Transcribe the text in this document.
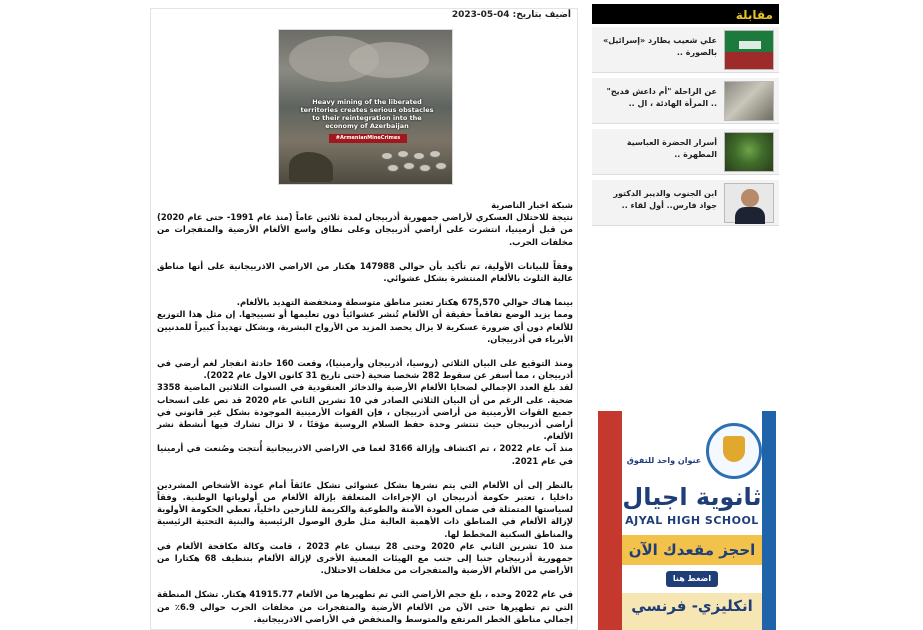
أضيف بتاريخ: 04-05-2023
Heavy mining of the liberated territories creates serious obstacles to their reintegration into the economy of Azerbaijan
#ArmenianMineCrimes

شبكة اخبار الناصرية
نتيجة للاحتلال العسكري لأراضي جمهورية أذربيجان لمدة ثلاثين عاماً (منذ عام 1991- حتى عام 2020) من قبل أرمينيا، انتشرت على أراضي أذربيجان وعلى نطاق واسع الألغام الأرضية والمتفجرات من مخلفات الحرب.

وفقاً للبيانات الأولية، تم تأكيد بأن حوالي 147988 هكتار من الاراضي الاذربيجانية على أنها مناطق عالية التلوث بالألغام المنتشرة بشكل عشوائي.

بينما هناك حوالي 675,570 هكتار تعتبر مناطق متوسطة ومنخفضة التهديد بالألغام.

ومما يزيد الوضع تفاقماً حقيقة أن الألغام تُنشر عشوائياً دون تعليمها أو تسييجها. إن مثل هذا التوزيع للألغام دون أي ضرورة عسكرية لا يزال يحصد المزيد من الأرواح البشرية، ويشكل تهديداً كبيراً للمدنيين الأبرياء في أذربيجان.

ومنذ التوقيع على البيان الثلاثي (روسيا، أذربيجان وأرمينيا)، وقعت 160 حادثة انفجار لغم أرضي في أذربيجان ، مما أسفر عن سقوط 282 شخصا ضحية (حتى تاريخ 31 كانون الاول عام 2022).

لقد بلغ العدد الإجمالي لضحايا الألغام الأرضية والذخائر العنقودية في السنوات الثلاثين الماضية 3358 ضحية. على الرغم من أن البيان الثلاثي الصادر في 10 تشرين الثاني عام 2020 قد نص على انسحاب جميع القوات الأرمينية من أراضي أذربيجان ، فإن القوات الأرمينية الموجودة بشكل غير قانوني في أراضي أذربيجان حيث تنتشر وحدة حفظ السلام الروسية مؤقتًا ، لا تزال تشارك فيها أنشطة نشر الألغام.

منذ آب عام 2022 ، تم اكتشاف وإزالة 3166 لغما في الاراضي الاذربيجانية أُنتجت وصُنعت في أرمينيا في عام 2021.

بالنظر إلى أن الألغام التي يتم نشرها بشكل عشوائي تشكل عائقاً أمام عودة الأشخاص المشردين داخليا ، تعتبر حكومة أذربيجان ان الإجراءات المتعلقة بإزالة الألغام من أولوياتها الوطنية. وفقاً لسياستها المتمثلة في ضمان العودة الآمنة والطوعية والكريمة للنازحين داخلياً، تعطي الحكومة الأولوية لإزالة الألغام في المناطق ذات الأهمية العالية مثل طرق الوصول الرئيسية والبنية التحتية الرئيسية والمناطق السكنية المخطط لها.

منذ 10 تشرين الثاني عام 2020 وحتى 28 نيسان عام 2023 ، قامت وكالة مكافحة الألغام في جمهورية أذربيجان جنبا إلى جنب مع الهيئات المعنية الأخرى لإزالة الألغام بتنظيف 68 هكتارا من الأراضي من الألغام الأرضية والمتفجرات من مخلفات الاحتلال.

في عام 2022 وحده ، بلغ حجم الأراضي التي تم تطهيرها من الألغام 41915.77 هكتار. تشكل المنطقة التي تم تطهيرها حتى الآن من الألغام الأرضية والمتفجرات من مخلفات الحرب حوالي 6.9٪ من إجمالي مناطق الخطر المرتفع والمتوسط والمنخفض في الأراضي الاذربيجانية.

مقابلة
علي شعيب يطارد «إسرائيل» بالصورة ..
عن الراحلة "أم داعش فديح" .. المرأة الهادئة ، ال ..
أسرار الحضرة العباسية المطهرة ..
ابن الجنوب والديبر الدكتور جواد فارس.. أول لقاء ..
عنوان واحد للتفوق
ثانوية اجيال
AJYAL HIGH SCHOOL
احجز مقعدك الآن
اضغط هنا
انكليزي- فرنسي
